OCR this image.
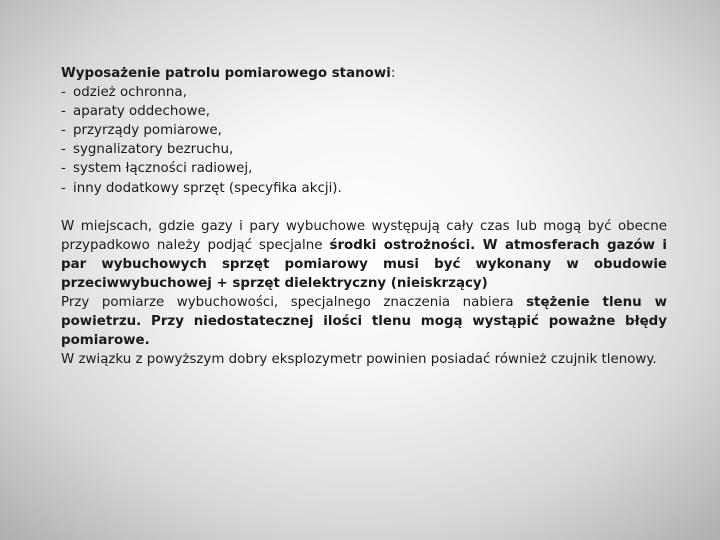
Wyposażenie patrolu pomiarowego stanowi:
- odzież ochronna,
- aparaty oddechowe,
- przyrządy pomiarowe,
- sygnalizatory bezruchu,
- system łączności radiowej,
- inny dodatkowy sprzęt (specyfika akcji).

W miejscach, gdzie gazy i pary wybuchowe występują cały czas lub mogą być obecne przypadkowo należy podjąć specjalne środki ostrożności. W atmosferach gazów i par wybuchowych sprzęt pomiarowy musi być wykonany w obudowie przeciwwybuchowej + sprzęt dielektryczny (nieiskrzący)

Przy pomiarze wybuchowości, specjalnego znaczenia nabiera stężenie tlenu w powietrzu. Przy niedostatecznej ilości tlenu mogą wystąpić poważne błędy pomiarowe.

W związku z powyższym dobry eksplozymetr powinien posiadać również czujnik tlenowy.
